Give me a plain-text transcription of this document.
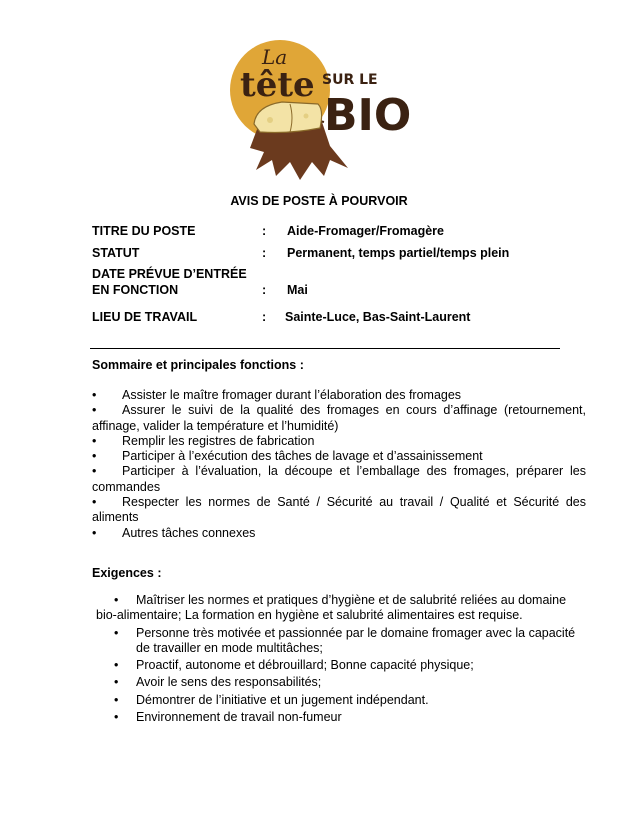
La
tête SUR LE
BIO
AVIS DE POSTE À POURVOIR
TITRE DU POSTE	: Aide-Fromager/Fromagère
STATUT	: Permanent, temps partiel/temps plein
DATE PRÉVUE D’ENTRÉE
EN FONCTION	: Mai
LIEU DE TRAVAIL	: Sainte-Luce, Bas-Saint-Laurent
Sommaire et principales fonctions :
• Assister le maître fromager durant l’élaboration des fromages
• Assurer le suivi de la qualité des fromages en cours d’affinage (retournement, affinage, valider la température et l’humidité)
• Remplir les registres de fabrication
• Participer à l’exécution des tâches de lavage et d’assainissement
• Participer à l’évaluation, la découpe et l’emballage des fromages, préparer les commandes
• Respecter les normes de Santé / Sécurité au travail / Qualité et Sécurité des aliments
• Autres tâches connexes
Exigences :
•	Maîtriser les normes et pratiques d’hygiène et de salubrité reliées au domaine
bio-alimentaire; La formation en hygiène et salubrité alimentaires est requise.
• Personne très motivée et passionnée par le domaine fromager avec la capacité de travailler en mode multitâches;
• Proactif, autonome et débrouillard; Bonne capacité physique;
• Avoir le sens des responsabilités;
• Démontrer de l’initiative et un jugement indépendant.
• Environnement de travail non-fumeur
